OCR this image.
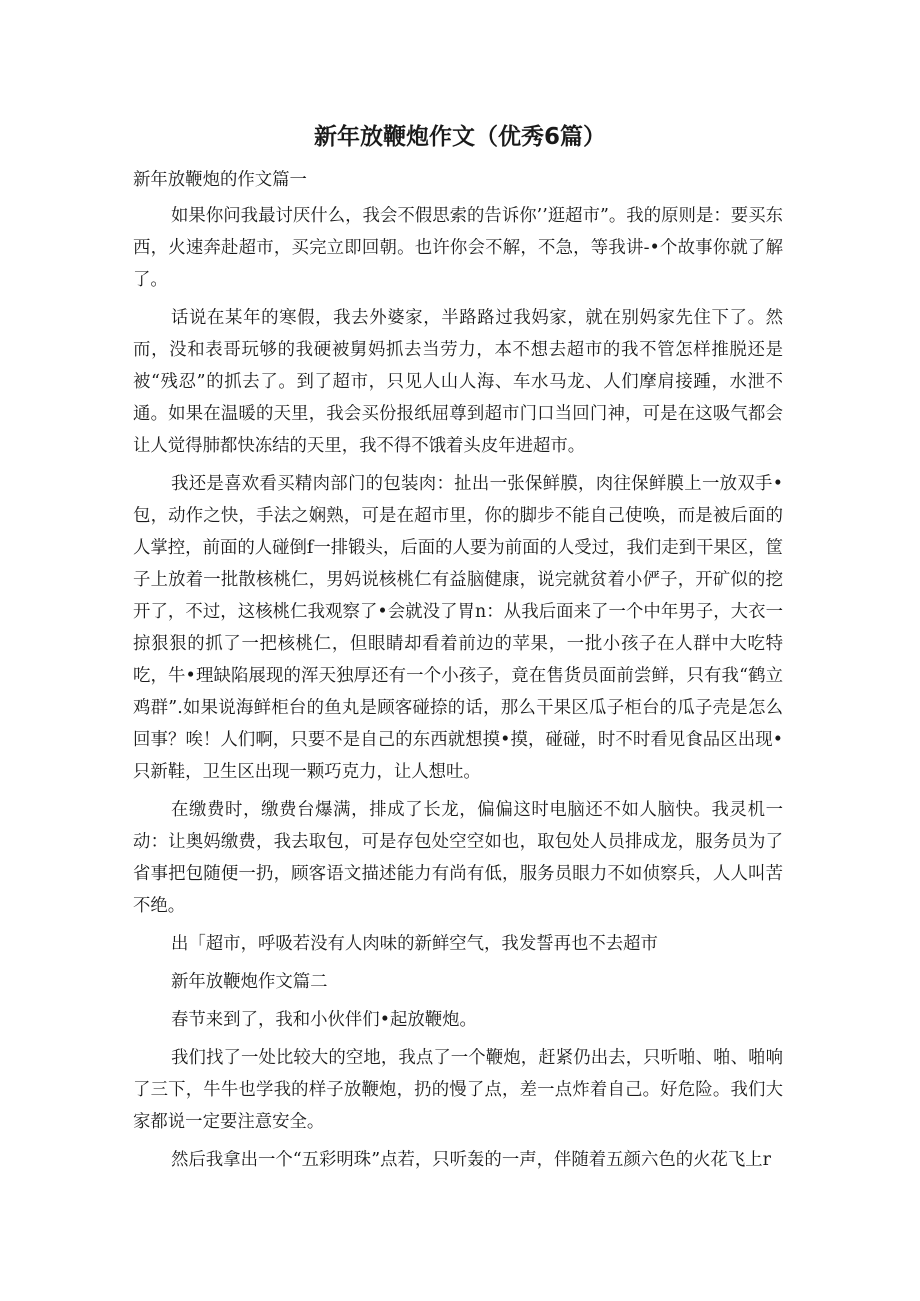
新年放鞭炮作文（优秀6篇）

新年放鞭炮的作文篇一

如果你问我最讨厌什么，我会不假思索的告诉你’’逛超市”。我的原则是：要买东西，火速奔赴超市，买完立即回朝。也许你会不解，不急，等我讲-•个故事你就了解了。

话说在某年的寒假，我去外婆家，半路路过我妈家，就在别妈家先住下了。然而，没和表哥玩够的我硬被舅妈抓去当劳力，本不想去超市的我不管怎样推脱还是被“残忍”的抓去了。到了超市，只见人山人海、车水马龙、人们摩肩接踵，水泄不通。如果在温暖的天里，我会买份报纸屈尊到超市门口当回门神，可是在这吸气都会让人觉得肺都快冻结的天里，我不得不饿着头皮年进超市。

我还是喜欢看买精肉部门的包装肉：扯出一张保鲜膜，肉往保鲜膜上一放双手•包，动作之快，手法之娴熟，可是在超市里，你的脚步不能自己使唤，而是被后面的人掌控，前面的人碰倒f一排锻头，后面的人要为前面的人受过，我们走到干果区，筐子上放着一批散核桃仁，男妈说核桃仁有益脑健康，说完就贫着小俨子，开矿似的挖开了，不过，这核桃仁我观察了•会就没了胃n：从我后面来了一个中年男子，大衣一掠狠狠的抓了一把核桃仁，但眼睛却看着前边的苹果，一批小孩子在人群中大吃特吃，牛•理缺陷展现的浑天独厚还有一个小孩子，竟在售货员面前尝鲜，只有我“鹤立鸡群”.如果说海鲜柜台的鱼丸是顾客碰捺的话，那么干果区瓜子柜台的瓜子壳是怎么回事？唉！人们啊，只要不是自己的东西就想摸•摸，碰碰，时不时看见食品区出现•只新鞋，卫生区出现一颗巧克力，让人想吐。

在缴费时，缴费台爆满，排成了长龙，偏偏这时电脑还不如人脑快。我灵机一动：让奥妈缴费，我去取包，可是存包处空空如也，取包处人员排成龙，服务员为了省事把包随便一扔，顾客语文描述能力有尚有低，服务员眼力不如侦察兵，人人叫苦不绝。

出「超市，呼吸若没有人肉味的新鲜空气，我发誓再也不去超市

新年放鞭炮作文篇二

春节来到了，我和小伙伴们•起放鞭炮。

我们找了一处比较大的空地，我点了一个鞭炮，赶紧仍出去，只听啪、啪、啪响了三下，牛牛也学我的样子放鞭炮，扔的慢了点，差一点炸着自己。好危险。我们大家都说一定要注意安全。

然后我拿出一个“五彩明珠”点若，只听轰的一声，伴随着五颜六色的火花飞上r
